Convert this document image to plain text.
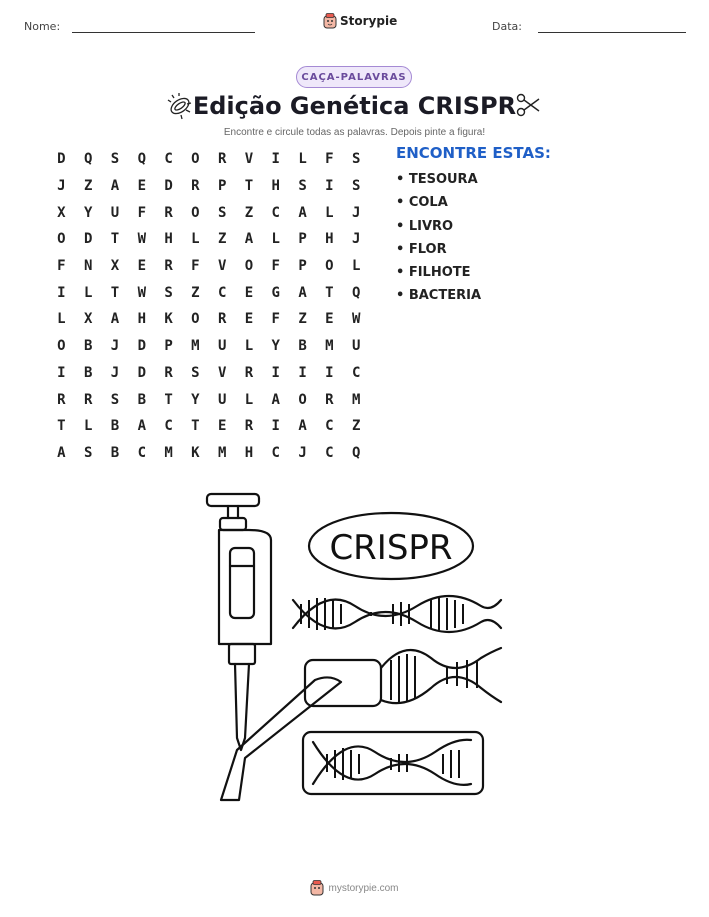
Nome:	Storypie	Data:
CAÇA-PALAVRAS
Edição Genética CRISPR
Encontre e circule todas as palavras. Depois pinte a figura!
D	Q	S	Q	C	O	R	V	I	L	F	S
J	Z	A	E	D	R	P	T	H	S	I	S
X	Y	U	F	R	O	S	Z	C	A	L	J
O	D	T	W	H	L	Z	A	L	P	H	J
F	N	X	E	R	F	V	O	F	P	O	L
I	L	T	W	S	Z	C	E	G	A	T	Q
L	X	A	H	K	O	R	E	F	Z	E	W
O	B	J	D	P	M	U	L	Y	B	M	U
I	B	J	D	R	S	V	R	I	I	I	C
R	R	S	B	T	Y	U	L	A	O	R	M
T	L	B	A	C	T	E	R	I	A	C	Z
A	S	B	C	M	K	M	H	C	J	C	Q
ENCONTRE ESTAS:
• TESOURA
• COLA
• LIVRO
• FLOR
• FILHOTE
• BACTERIA
CRISPR
mystorypie.com
